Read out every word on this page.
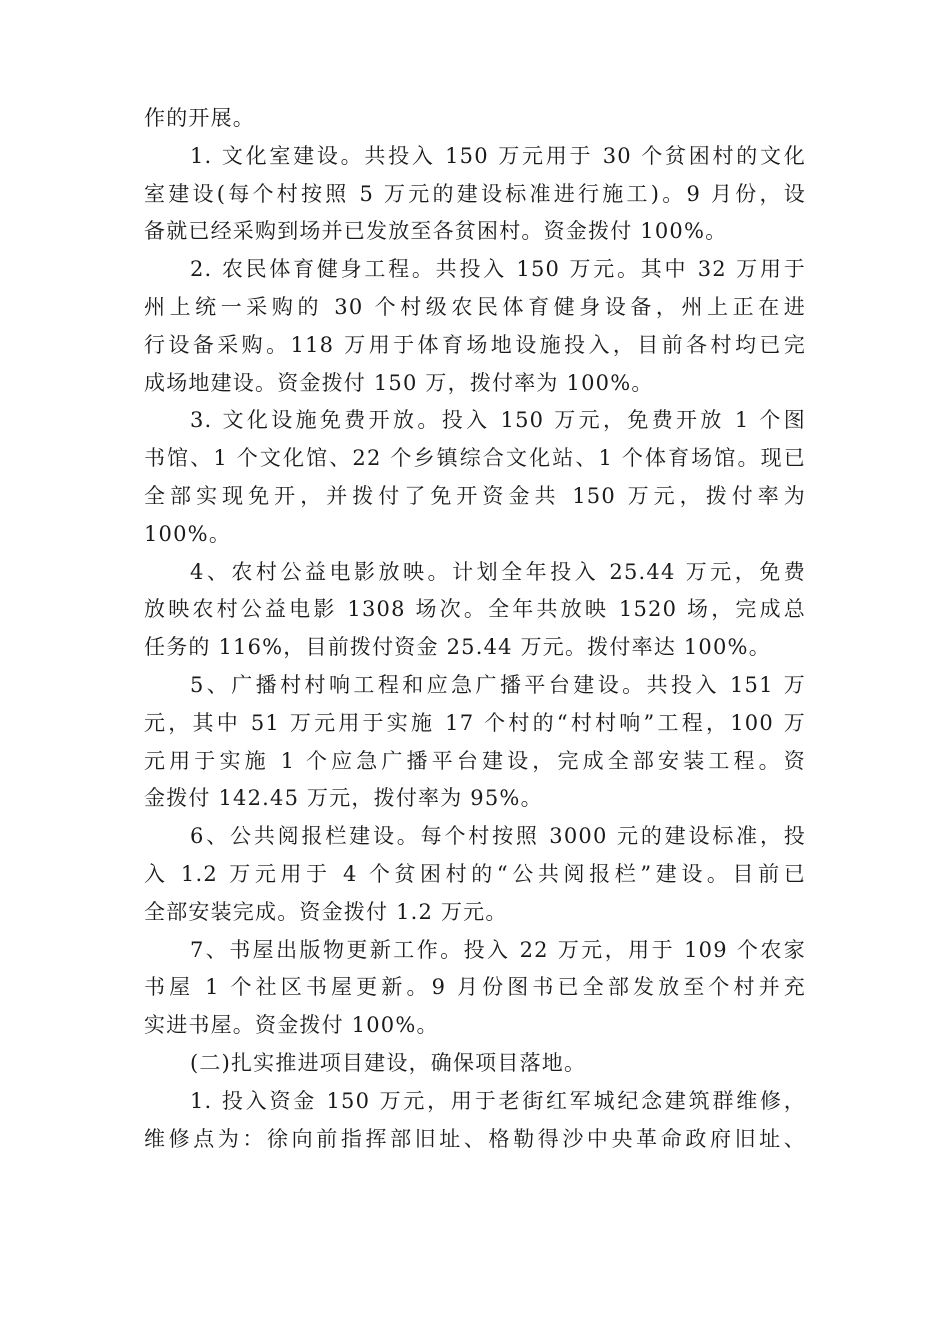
作的开展。
1. 文化室建设。共投入 150 万元用于 30 个贫困村的文化
室建设(每个村按照 5 万元的建设标准进行施工)。9 月份，设
备就已经采购到场并已发放至各贫困村。资金拨付 100%。
2. 农民体育健身工程。共投入 150 万元。其中 32 万用于
州上统一采购的 30 个村级农民体育健身设备，州上正在进
行设备采购。118 万用于体育场地设施投入，目前各村均已完
成场地建设。资金拨付 150 万，拨付率为 100%。
3. 文化设施免费开放。投入 150 万元，免费开放 1 个图
书馆、1 个文化馆、22 个乡镇综合文化站、1 个体育场馆。现已
全部实现免开，并拨付了免开资金共 150 万元，拨付率为
100%。
4、农村公益电影放映。计划全年投入 25.44 万元，免费
放映农村公益电影 1308 场次。全年共放映 1520 场，完成总
任务的 116%，目前拨付资金 25.44 万元。拨付率达 100%。
5、广播村村响工程和应急广播平台建设。共投入 151 万
元，其中 51 万元用于实施 17 个村的“村村响”工程，100 万
元用于实施 1 个应急广播平台建设，完成全部安装工程。资
金拨付 142.45 万元，拨付率为 95%。
6、公共阅报栏建设。每个村按照 3000 元的建设标准，投
入 1.2 万元用于 4 个贫困村的“公共阅报栏”建设。目前已
全部安装完成。资金拨付 1.2 万元。
7、书屋出版物更新工作。投入 22 万元，用于 109 个农家
书屋 1 个社区书屋更新。9 月份图书已全部发放至个村并充
实进书屋。资金拨付 100%。
(二)扎实推进项目建设，确保项目落地。
1. 投入资金 150 万元，用于老街红军城纪念建筑群维修，
维修点为：徐向前指挥部旧址、格勒得沙中央革命政府旧址、
